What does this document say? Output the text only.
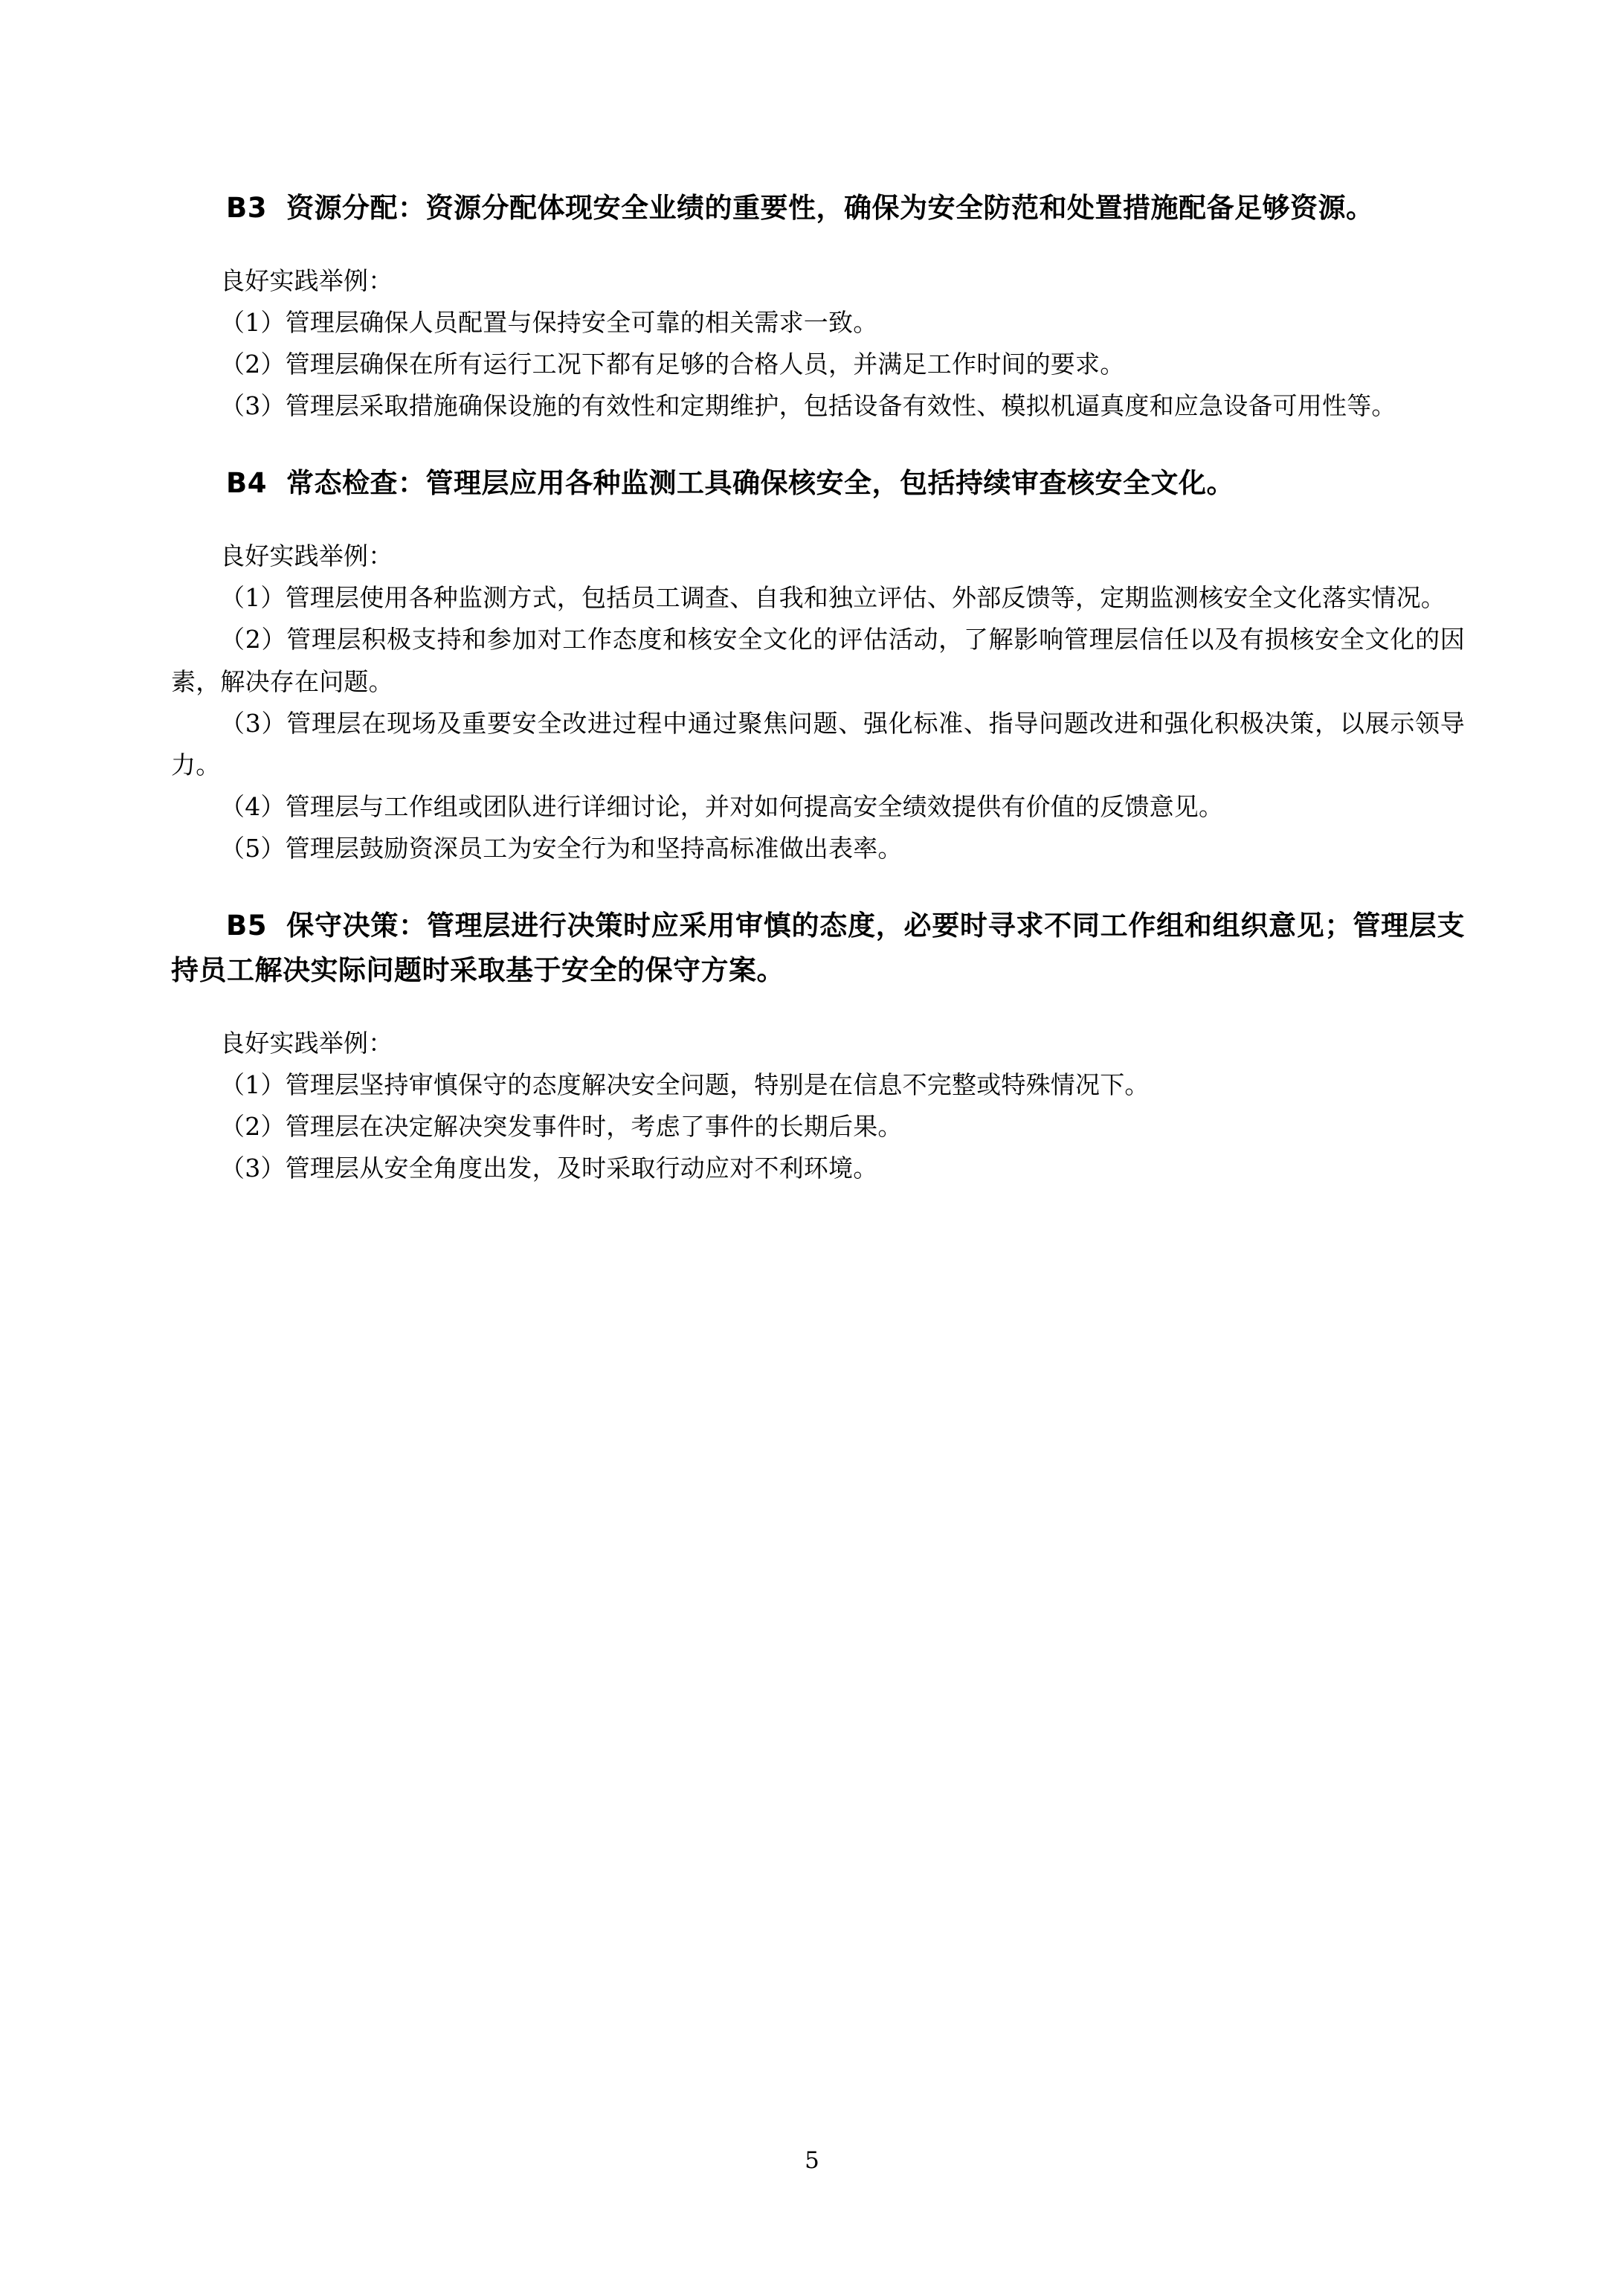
B3 资源分配：资源分配体现安全业绩的重要性，确保为安全防范和处置措施配备足够资源。

良好实践举例：

（1）管理层确保人员配置与保持安全可靠的相关需求一致。

（2）管理层确保在所有运行工况下都有足够的合格人员，并满足工作时间的要求。

（3）管理层采取措施确保设施的有效性和定期维护，包括设备有效性、模拟机逼真度和应急设备可用性等。

B4 常态检查：管理层应用各种监测工具确保核安全，包括持续审查核安全文化。

良好实践举例：

（1）管理层使用各种监测方式，包括员工调查、自我和独立评估、外部反馈等，定期监测核安全文化落实情况。

（2）管理层积极支持和参加对工作态度和核安全文化的评估活动，了解影响管理层信任以及有损核安全文化的因素，解决存在问题。

（3）管理层在现场及重要安全改进过程中通过聚焦问题、强化标准、指导问题改进和强化积极决策，以展示领导力。

（4）管理层与工作组或团队进行详细讨论，并对如何提高安全绩效提供有价值的反馈意见。

（5）管理层鼓励资深员工为安全行为和坚持高标准做出表率。

B5 保守决策：管理层进行决策时应采用审慎的态度，必要时寻求不同工作组和组织意见；管理层支持员工解决实际问题时采取基于安全的保守方案。

良好实践举例：

（1）管理层坚持审慎保守的态度解决安全问题，特别是在信息不完整或特殊情况下。

（2）管理层在决定解决突发事件时，考虑了事件的长期后果。

（3）管理层从安全角度出发，及时采取行动应对不利环境。

5
